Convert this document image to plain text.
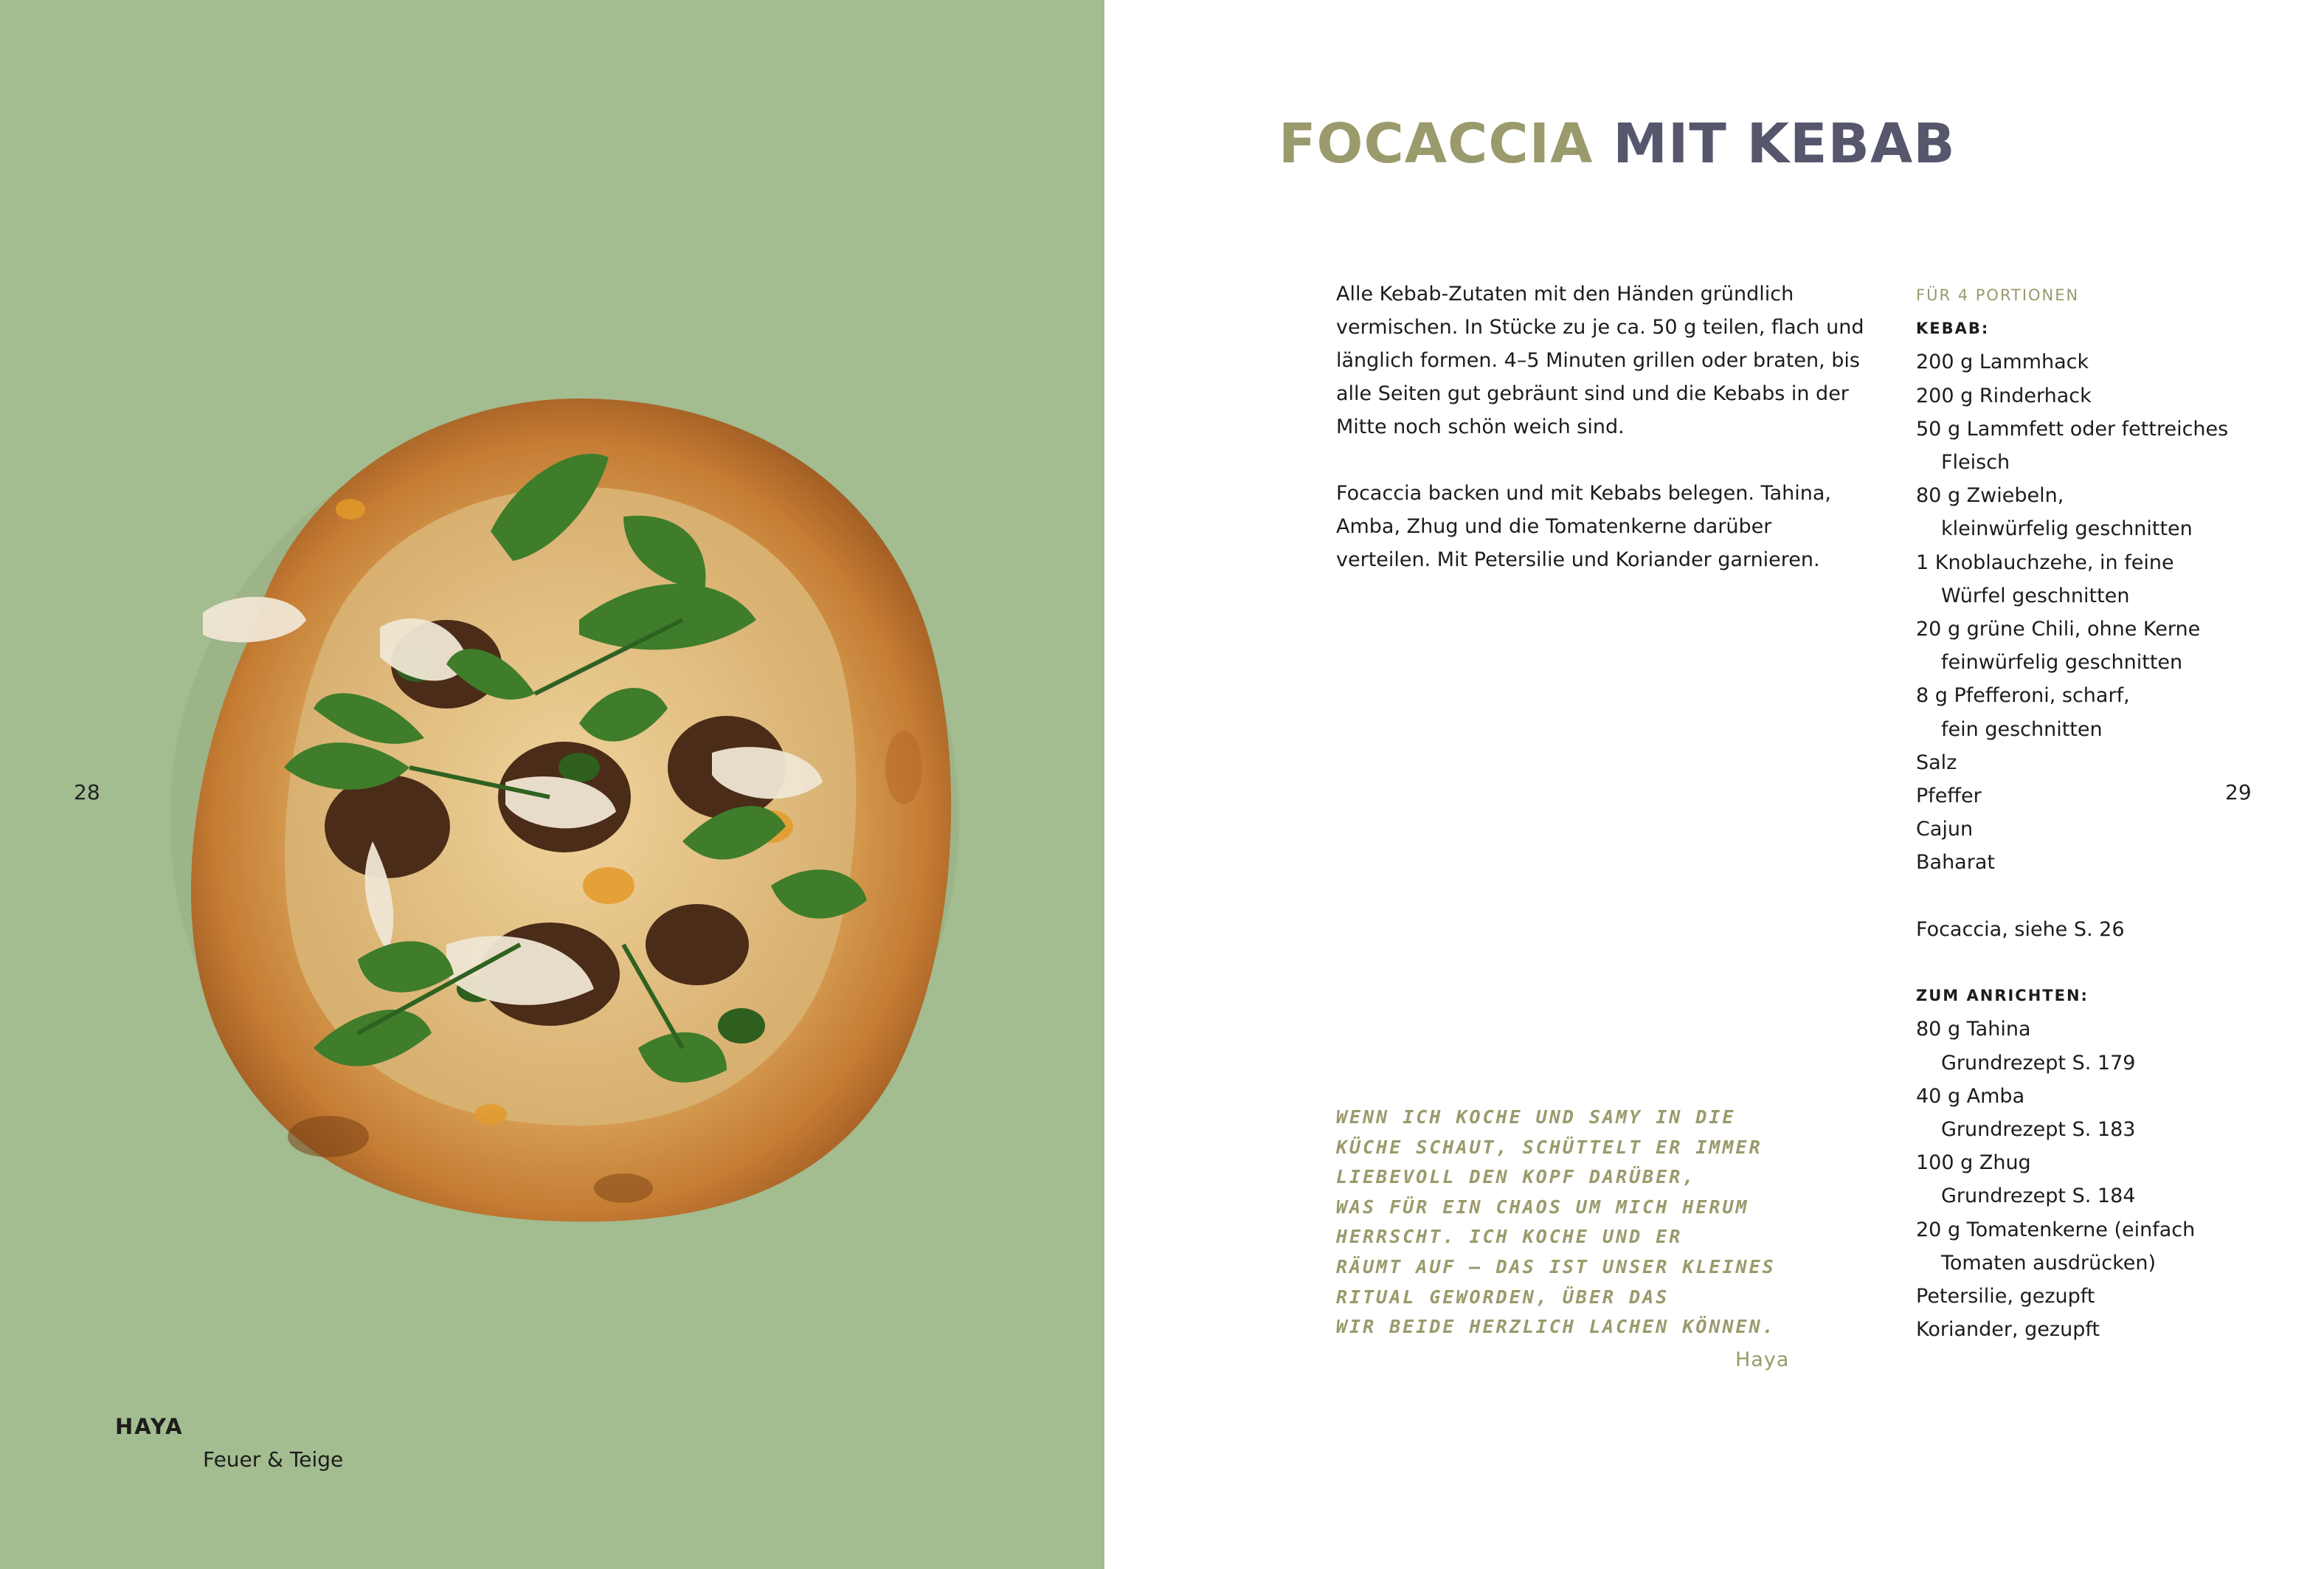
28
HAYA
Feuer & Teige
29
FOCACCIA MIT KEBAB

Alle Kebab-Zutaten mit den Händen gründlich vermischen. In Stücke zu je ca. 50 g teilen, flach und länglich formen. 4–5 Minuten grillen oder braten, bis alle Seiten gut gebräunt sind und die Kebabs in der Mitte noch schön weich sind.

Focaccia backen und mit Kebabs belegen. Tahina, Amba, Zhug und die Tomatenkerne darüber verteilen. Mit Petersilie und Koriander garnieren.

WENN ICH KOCHE UND SAMY IN DIE
KÜCHE SCHAUT, SCHÜTTELT ER IMMER
LIEBEVOLL DEN KOPF DARÜBER,
WAS FÜR EIN CHAOS UM MICH HERUM
HERRSCHT. ICH KOCHE UND ER
RÄUMT AUF – DAS IST UNSER KLEINES
RITUAL GEWORDEN, ÜBER DAS
WIR BEIDE HERZLICH LACHEN KÖNNEN.
Haya
FÜR 4 PORTIONEN
KEBAB:
200 g Lammhack
200 g Rinderhack
50 g Lammfett oder fettreiches
Fleisch
80 g Zwiebeln,
kleinwürfelig geschnitten
1 Knoblauchzehe, in feine
Würfel geschnitten
20 g grüne Chili, ohne Kerne
feinwürfelig geschnitten
8 g Pfefferoni, scharf,
fein geschnitten
Salz
Pfeffer
Cajun
Baharat
Focaccia, siehe S. 26
ZUM ANRICHTEN:
80 g Tahina
Grundrezept S. 179
40 g Amba
Grundrezept S. 183
100 g Zhug
Grundrezept S. 184
20 g Tomatenkerne (einfach
Tomaten ausdrücken)
Petersilie, gezupft
Koriander, gezupft
